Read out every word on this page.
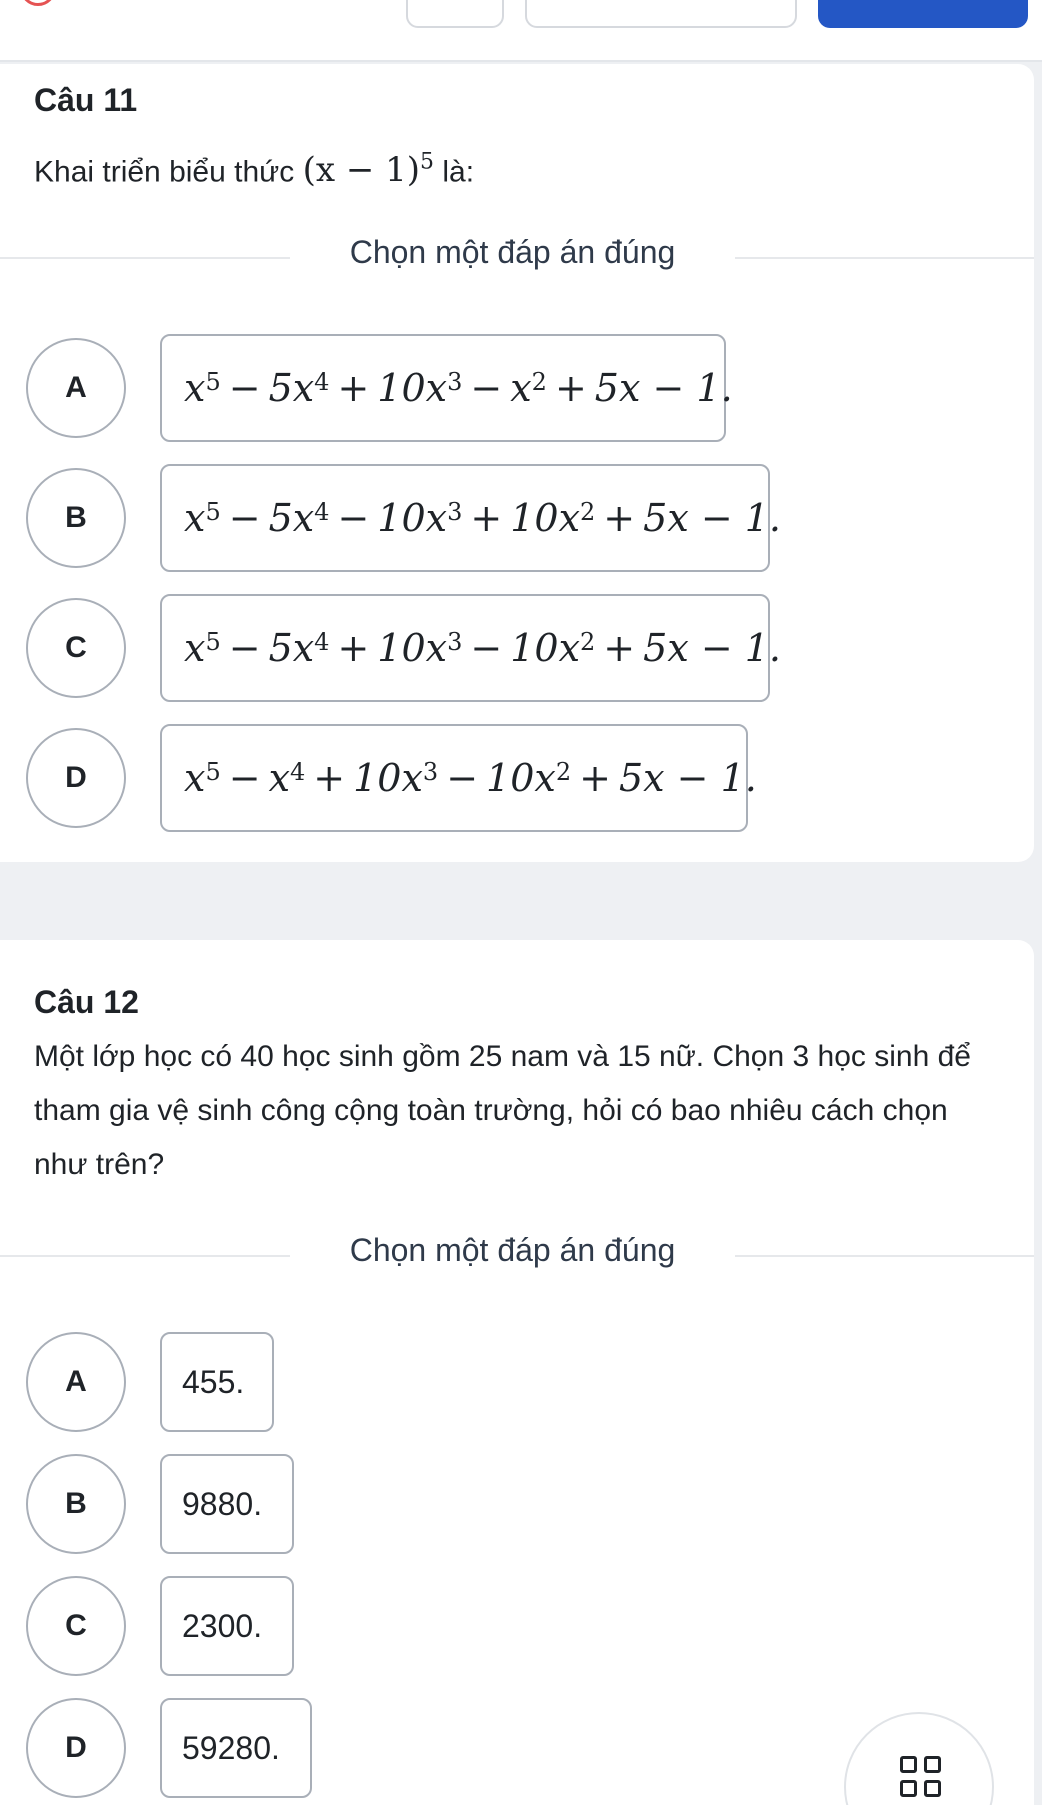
Câu 11
Khai triển biểu thức $(x - 1)^5$ là:
Chọn một đáp án đúng
A	$x^5 - 5x^4 + 10x^3 - x^2 + 5x - 1$.
B	$x^5 - 5x^4 - 10x^3 + 10x^2 + 5x - 1$.
C	$x^5 - 5x^4 + 10x^3 - 10x^2 + 5x - 1$.
D	$x^5 - x^4 + 10x^3 - 10x^2 + 5x - 1$.
Câu 12
Một lớp học có 40 học sinh gồm 25 nam và 15 nữ. Chọn 3 học sinh để tham gia vệ sinh công cộng toàn trường, hỏi có bao nhiêu cách chọn như trên?
Chọn một đáp án đúng
A	455.
B	9880.
C	2300.
D	59280.
